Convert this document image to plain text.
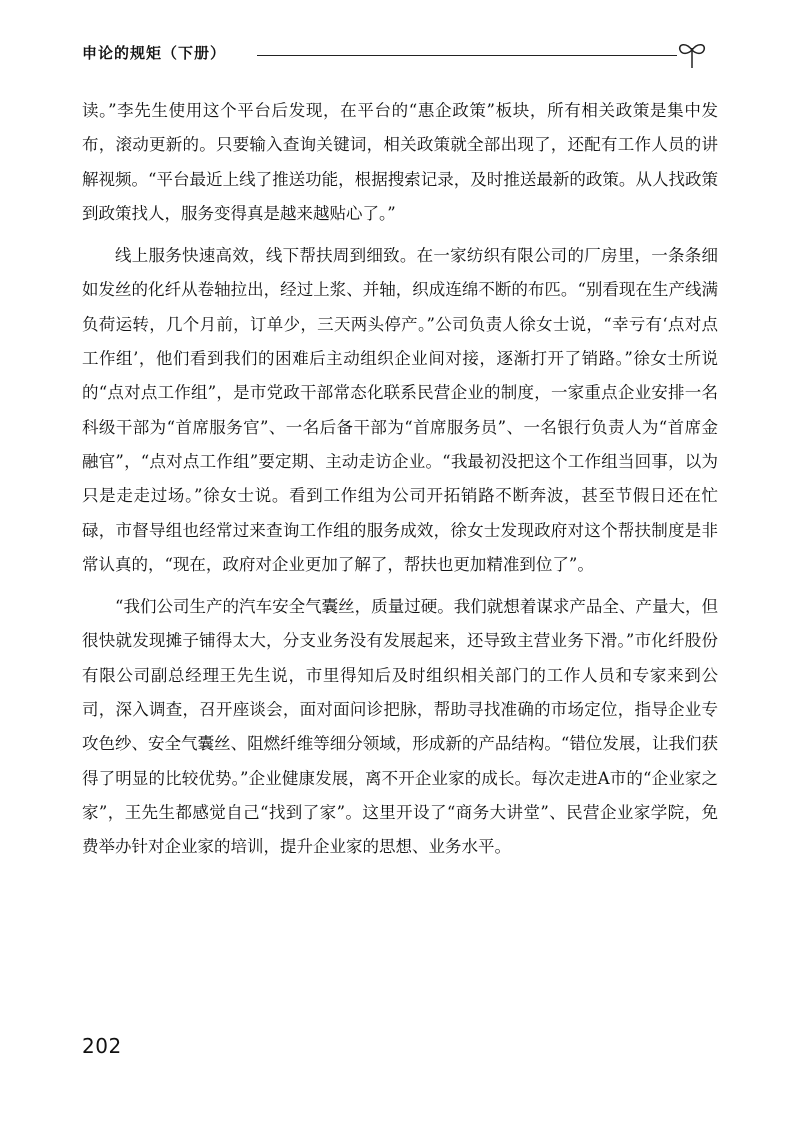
申论的规矩（下册）

读。”李先生使用这个平台后发现，在平台的“惠企政策”板块，所有相关政策是集中发布，滚动更新的。只要输入查询关键词，相关政策就全部出现了，还配有工作人员的讲解视频。“平台最近上线了推送功能，根据搜索记录，及时推送最新的政策。从人找政策到政策找人，服务变得真是越来越贴心了。”

线上服务快速高效，线下帮扶周到细致。在一家纺织有限公司的厂房里，一条条细如发丝的化纤从卷轴拉出，经过上浆、并轴，织成连绵不断的布匹。“别看现在生产线满负荷运转，几个月前，订单少，三天两头停产。”公司负责人徐女士说，“幸亏有‘点对点工作组’，他们看到我们的困难后主动组织企业间对接，逐渐打开了销路。”徐女士所说的“点对点工作组”，是市党政干部常态化联系民营企业的制度，一家重点企业安排一名科级干部为“首席服务官”、一名后备干部为“首席服务员”、一名银行负责人为“首席金融官”，“点对点工作组”要定期、主动走访企业。“我最初没把这个工作组当回事，以为只是走走过场。”徐女士说。看到工作组为公司开拓销路不断奔波，甚至节假日还在忙碌，市督导组也经常过来查询工作组的服务成效，徐女士发现政府对这个帮扶制度是非常认真的，“现在，政府对企业更加了解了，帮扶也更加精准到位了”。

“我们公司生产的汽车安全气囊丝，质量过硬。我们就想着谋求产品全、产量大，但很快就发现摊子铺得太大，分支业务没有发展起来，还导致主营业务下滑。”市化纤股份有限公司副总经理王先生说，市里得知后及时组织相关部门的工作人员和专家来到公司，深入调查，召开座谈会，面对面问诊把脉，帮助寻找准确的市场定位，指导企业专攻色纱、安全气囊丝、阻燃纤维等细分领域，形成新的产品结构。“错位发展，让我们获得了明显的比较优势。”企业健康发展，离不开企业家的成长。每次走进A市的“企业家之家”，王先生都感觉自己“找到了家”。这里开设了“商务大讲堂”、民营企业家学院，免费举办针对企业家的培训，提升企业家的思想、业务水平。

202
